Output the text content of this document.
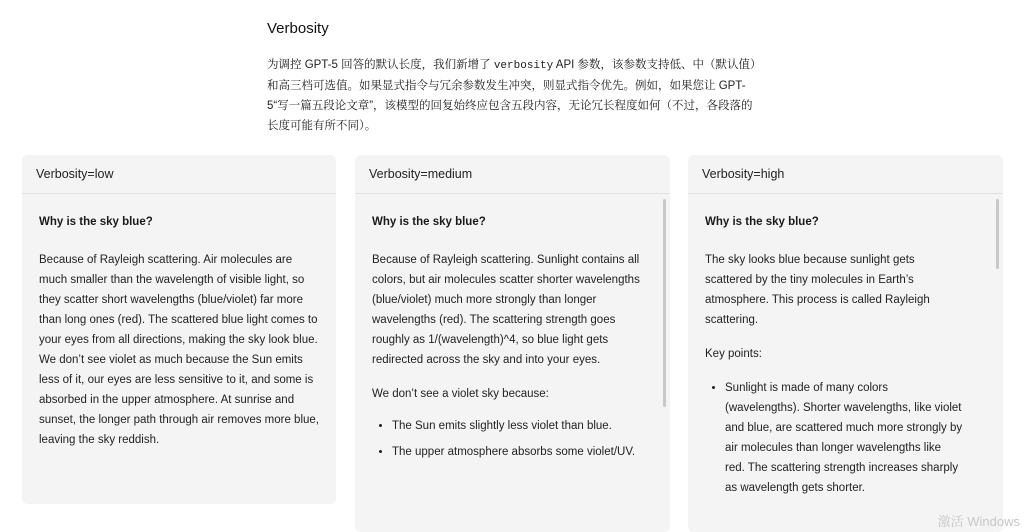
Verbosity

为调控 GPT-5 回答的默认长度，我们新增了 verbosity API 参数，该参数支持低、中（默认值）和高三档可选值。如果显式指令与冗余参数发生冲突，则显式指令优先。例如，如果您让 GPT-5“写一篇五段论文章”，该模型的回复始终应包含五段内容，无论冗长程度如何（不过，各段落的长度可能有所不同）。

Verbosity=low

Why is the sky blue?

Because of Rayleigh scattering. Air molecules are much smaller than the wavelength of visible light, so they scatter short wavelengths (blue/violet) far more than long ones (red). The scattered blue light comes to your eyes from all directions, making the sky look blue. We don’t see violet as much because the Sun emits less of it, our eyes are less sensitive to it, and some is absorbed in the upper atmosphere. At sunrise and sunset, the longer path through air removes more blue, leaving the sky reddish.

Verbosity=medium

Why is the sky blue?

Because of Rayleigh scattering. Sunlight contains all colors, but air molecules scatter shorter wavelengths (blue/violet) much more strongly than longer wavelengths (red). The scattering strength goes roughly as 1/(wavelength)^4, so blue light gets redirected across the sky and into your eyes.

We don’t see a violet sky because:

• The Sun emits slightly less violet than blue.
• The upper atmosphere absorbs some violet/UV.
Verbosity=high

Why is the sky blue?

The sky looks blue because sunlight gets scattered by the tiny molecules in Earth’s atmosphere. This process is called Rayleigh scattering.

Key points:

• Sunlight is made of many colors (wavelengths). Shorter wavelengths, like violet and blue, are scattered much more strongly by air molecules than longer wavelengths like red. The scattering strength increases sharply as wavelength gets shorter.
激活 Windows
